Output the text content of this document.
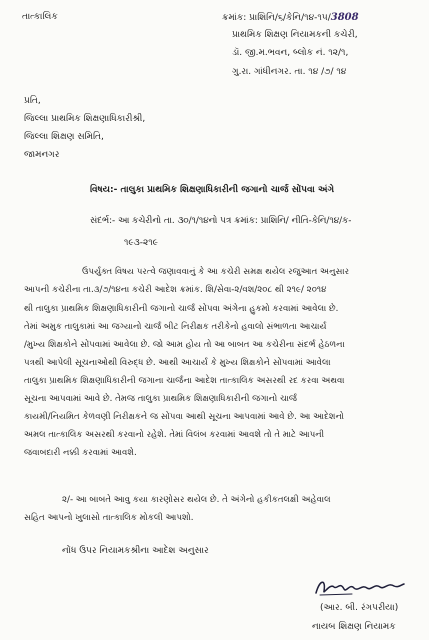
તાત્કાલિક	ક્રમાંક: પ્રાશિનિ/૬/કેનિ/૧૪-૧૫/3808
પ્રાથમિક શિક્ષણ નિયામકની કચેરી,
ડૉ. જી.મ.ભવન, બ્લોક નં. ૧૨/૧,
ગુ.રા. ગાંધીનગર. તા. ૧૪ /૭/ ૧૪
પ્રતિ,
જિલ્લા પ્રાથમિક શિક્ષણાધિકારીશ્રી,
જિલ્લા શિક્ષણ સમિતિ,
જામનગર
વિષય:- તાલુકા પ્રાથમિક શિક્ષણાધિકારીની જગાનો ચાર્જ સોંપવા અંગે
સંદર્ભ:- આ કચેરીનો તા. ૩૦/૧/૧૪નો પત્ર ક્રમાંક: પ્રાશિનિ/ નીતિ-કેનિ/૧૪/ક-
૧૯૩-૨૧૯
ઉપર્યુક્ત વિષય પરત્વે જણાવવાનું કે આ કચેરી સમક્ષ થયેલ રજુઆત અનુસાર
આપની કચેરીના તા.૩/૭/૧૪ના કચેરી આદેશ ક્રમાંક. શિ/સેવા-૨/વશ/૨૦૮ થી ૨૧૯/ ૨૦૧૪
થી તાલુકા પ્રાથમિક શિક્ષણાધિકારીની જગાનો ચાર્જ સોંપવા અંગેના હુકમો કરવામાં આવેલા છે.
તેમાં અમુક તાલુકામાં આ જગ્યાનો ચાર્જ બીટ નિરીક્ષક તરીકેનો હવાલો સંભાળતા આચાર્ય
/મુખ્ય શિક્ષકોને સોંપવામાં આવેલા છે. જો આમ હોય તો આ બાબત આ કચેરીના સંદર્ભ હેઠળના
પત્રથી આપેલી સૂચનાઓથી વિરુદ્ધ છે. આથી આચાર્ય કે મુખ્ય શિક્ષકોને સોંપવામાં આવેલા
તાલુકા પ્રાથમિક શિક્ષણાધિકારીની જગાના ચાર્જના આદેશ તાત્કાલિક અસરથી રદ કરવા અથવા
સૂચના આપવામાં આવે છે. તેમજ તાલુકા પ્રાથમિક શિક્ષણાધિકારીની જગાનો ચાર્જ
કાયમી/નિયમિત કેળવણી નિરીક્ષકને જ સોંપવા આથી સૂચના આપવામાં આવે છે. આ આદેશનો
અમલ તાત્કાલિક અસરથી કરવાનો રહેશે. તેમાં વિલંબ કરવામાં આવશે તો તે માટે આપની
જવાબદારી નક્કી કરવામાં આવશે.
૨/- આ બાબતે આવુ કયા કારણોસર થયેલ છે. તે અંગેનો હકીકતલક્ષી અહેવાલ
સહિત આપનો ખુલાસો તાત્કાલિક મોકલી આપશો.
નોંધ ઉપર નિયામકશ્રીના આદેશ અનુસાર
(આર. બી. રંગપરીયા)
નાયબ શિક્ષણ નિયામક
